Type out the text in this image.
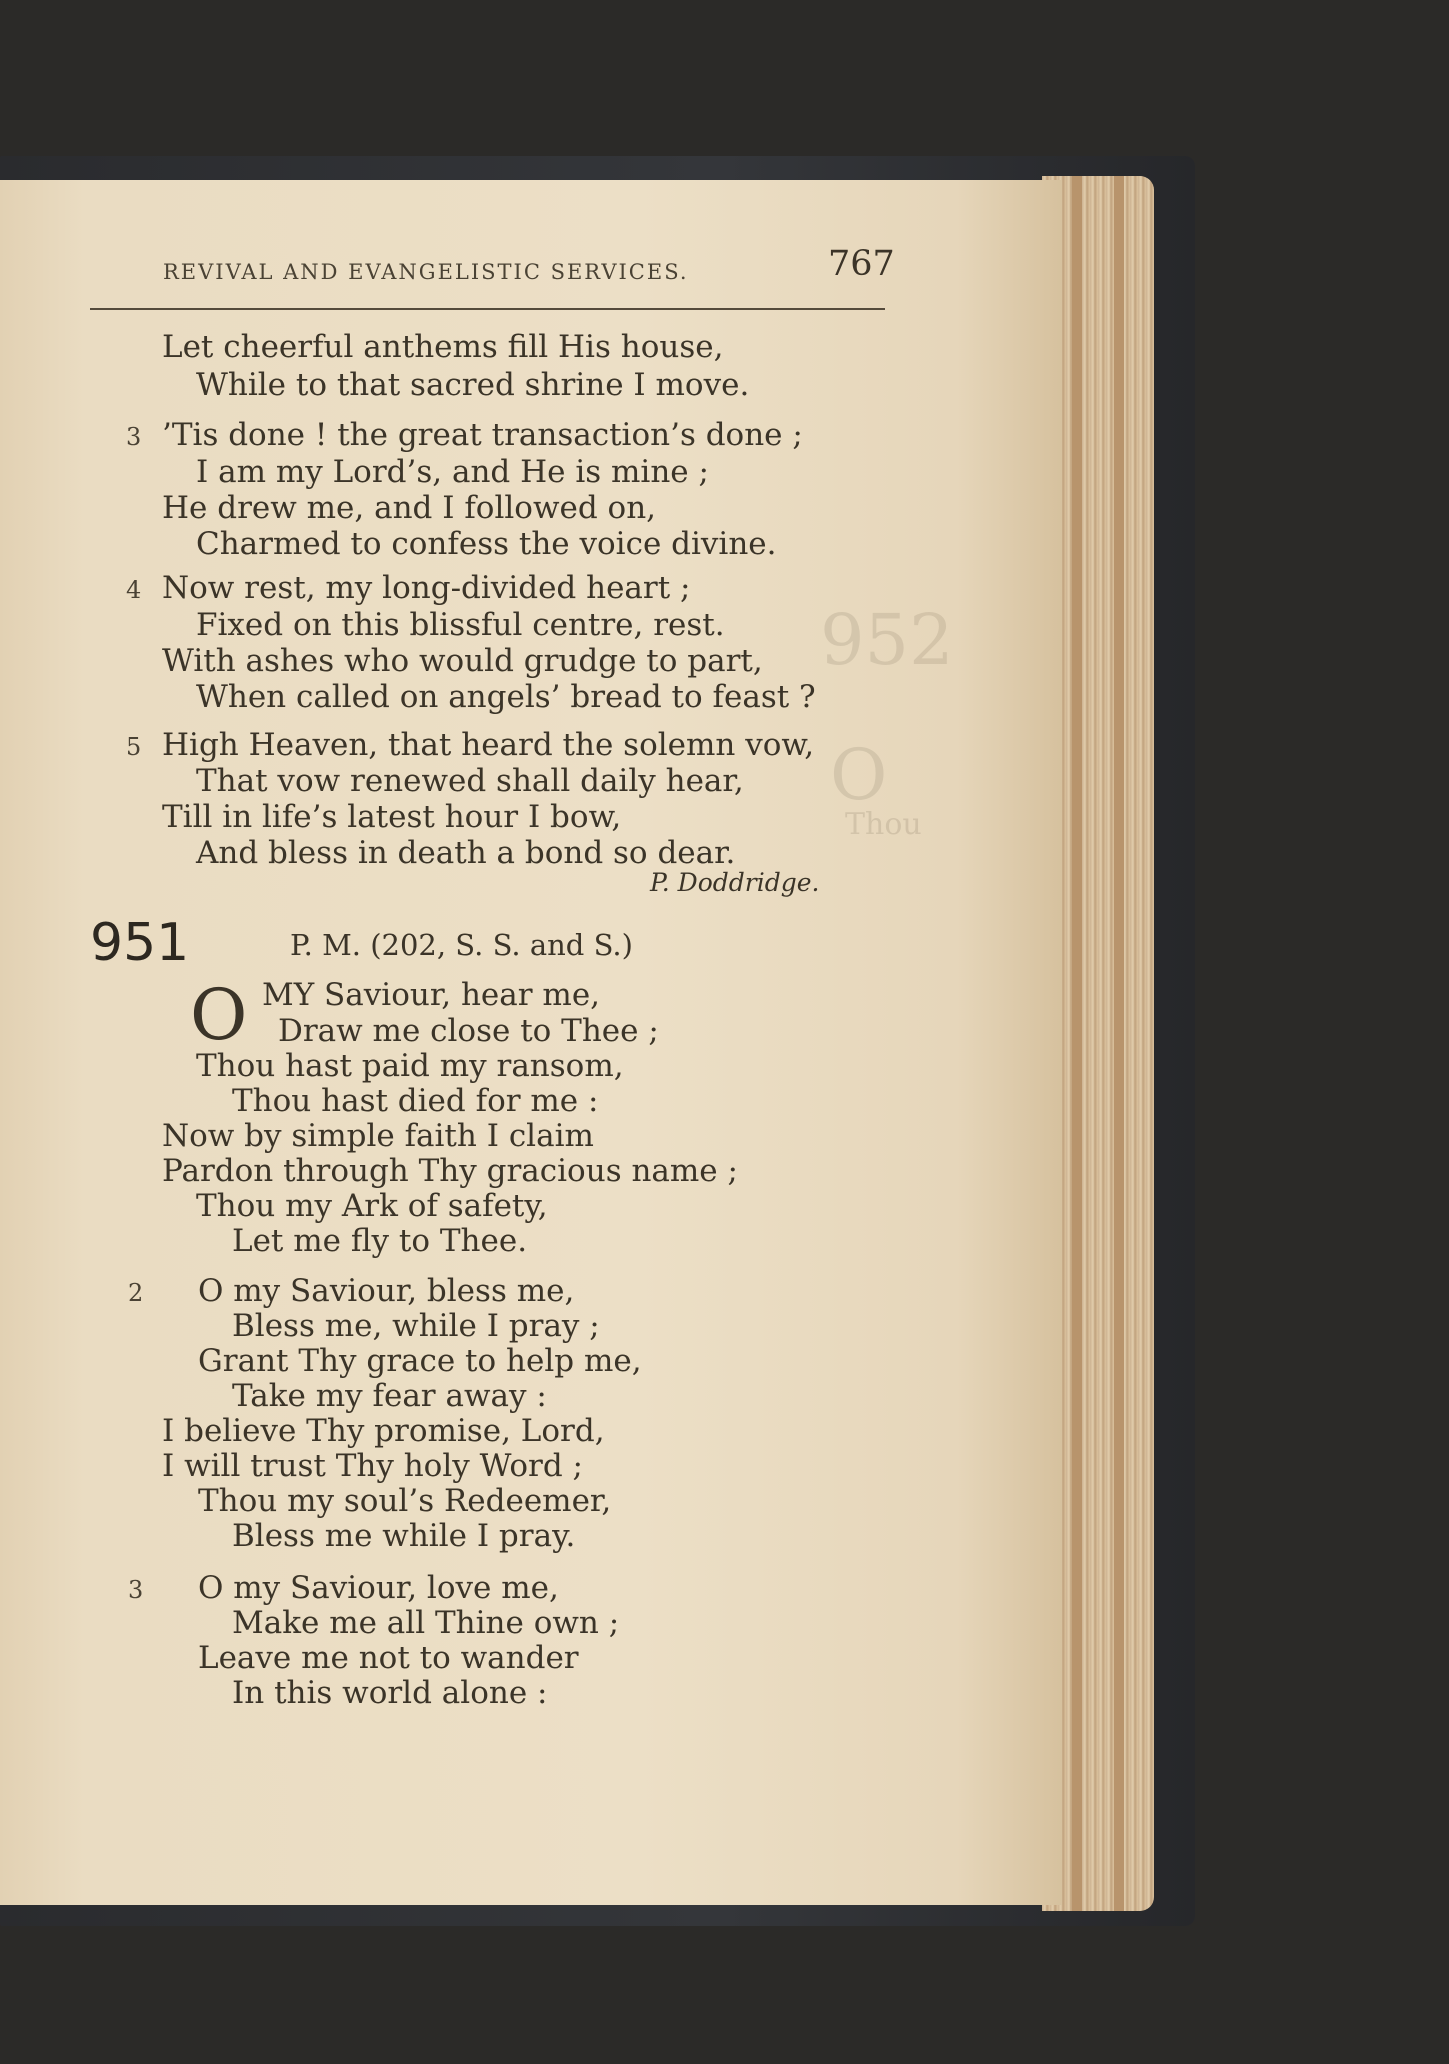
952
O
Thou
REVIVAL AND EVANGELISTIC SERVICES.	767
Let cheerful anthems fill His house,
While to that sacred shrine I move.
3 ’Tis done ! the great transaction’s done ;
I am my Lord’s, and He is mine ;
He drew me, and I followed on,
Charmed to confess the voice divine.
4 Now rest, my long-divided heart ;
Fixed on this blissful centre, rest.
With ashes who would grudge to part,
When called on angels’ bread to feast ?
5 High Heaven, that heard the solemn vow,
That vow renewed shall daily hear,
Till in life’s latest hour I bow,
And bless in death a bond so dear.
P. Doddridge.
951	P. M. (202, S. S. and S.)
O MY Saviour, hear me,
Draw me close to Thee ;
Thou hast paid my ransom,
Thou hast died for me :
Now by simple faith I claim
Pardon through Thy gracious name ;
Thou my Ark of safety,
Let me fly to Thee.
2 O my Saviour, bless me,
Bless me, while I pray ;
Grant Thy grace to help me,
Take my fear away :
I believe Thy promise, Lord,
I will trust Thy holy Word ;
Thou my soul’s Redeemer,
Bless me while I pray.
3 O my Saviour, love me,
Make me all Thine own ;
Leave me not to wander
In this world alone :
